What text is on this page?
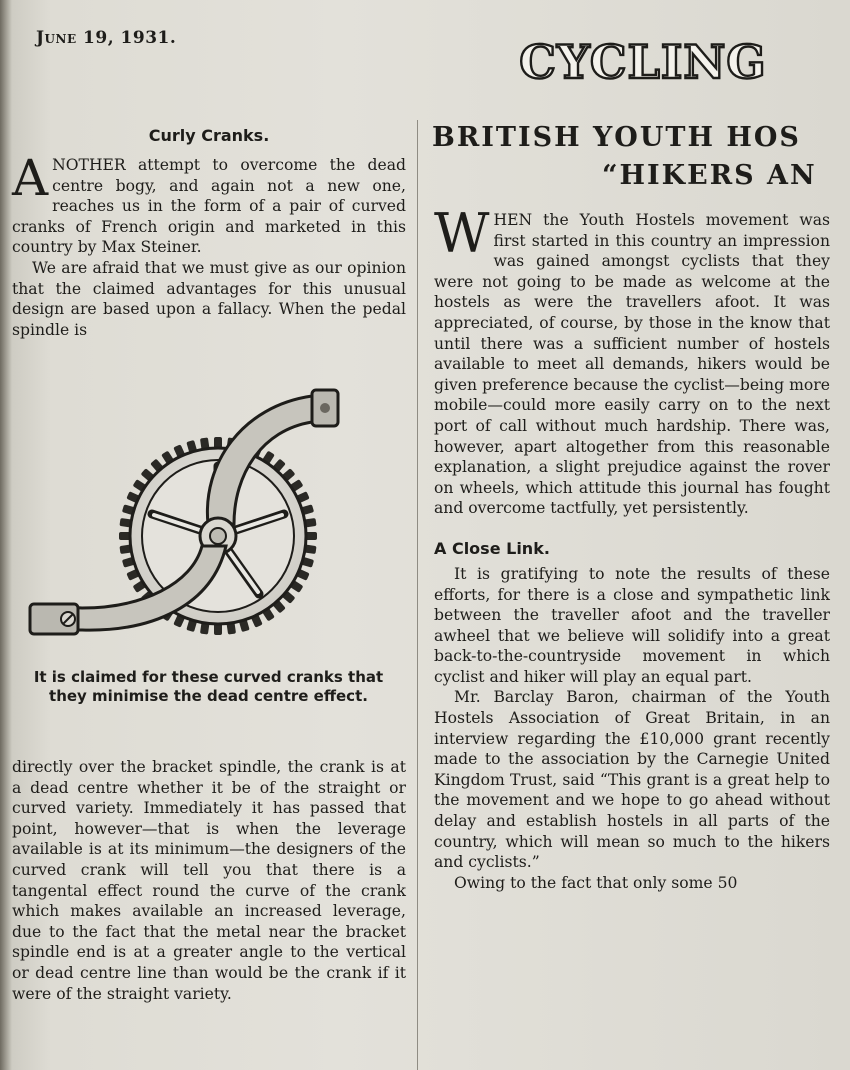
June 19, 1931.	CYCLING
Curly Cranks.

ANOTHER attempt to overcome the dead centre bogy, and again not a new one, reaches us in the form of a pair of curved cranks of French origin and marketed in this country by Max Steiner.

We are afraid that we must give as our opinion that the claimed advantages for this unusual design are based upon a fallacy. When the pedal spindle is

It is claimed for these curved cranks that they minimise the dead centre effect.

directly over the bracket spindle, the crank is at a dead centre whether it be of the straight or curved variety. Immediately it has passed that point, however—that is when the leverage available is at its minimum—the designers of the curved crank will tell you that there is a tangental effect round the curve of the crank which makes available an increased leverage, due to the fact that the metal near the bracket spindle end is at a greater angle to the vertical or dead centre line than would be the crank if it were of the straight variety.

BRITISH YOUTH HOS
“HIKERS AN

WHEN the Youth Hostels movement was first started in this country an impression was gained amongst cyclists that they were not going to be made as welcome at the hostels as were the travellers afoot. It was appreciated, of course, by those in the know that until there was a sufficient number of hostels available to meet all demands, hikers would be given preference because the cyclist—being more mobile—could more easily carry on to the next port of call without much hardship. There was, however, apart altogether from this reasonable explanation, a slight prejudice against the rover on wheels, which attitude this journal has fought and overcome tactfully, yet persistently.

A Close Link.

It is gratifying to note the results of these efforts, for there is a close and sympathetic link between the traveller afoot and the traveller awheel that we believe will solidify into a great back-to-the-countryside movement in which cyclist and hiker will play an equal part.

Mr. Barclay Baron, chairman of the Youth Hostels Association of Great Britain, in an interview regarding the £10,000 grant recently made to the association by the Carnegie United Kingdom Trust, said “This grant is a great help to the movement and we hope to go ahead without delay and establish hostels in all parts of the country, which will mean so much to the hikers and cyclists.”

Owing to the fact that only some 50
